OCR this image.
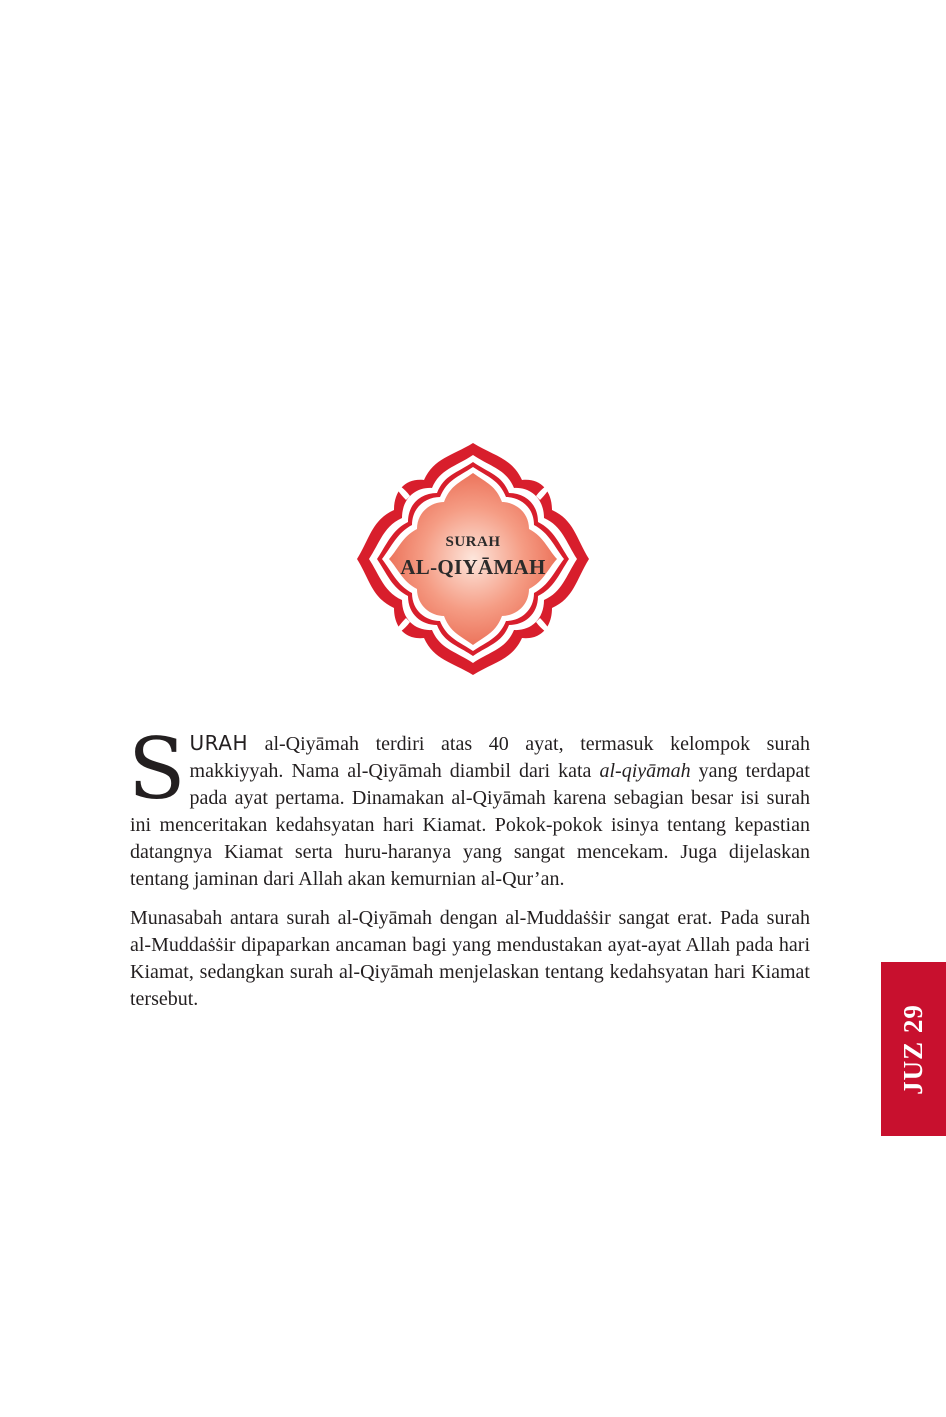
SURAH
AL-QIYĀMAH

SURAH al-Qiyāmah terdiri atas 40 ayat, termasuk kelompok surah makkiyyah. Nama al-Qiyāmah diambil dari kata al-qiyāmah yang terdapat pada ayat pertama. Dinamakan al-Qiyāmah karena sebagian besar isi surah ini menceritakan kedahsyatan hari Kiamat. Pokok-pokok isinya tentang kepastian datangnya Kiamat serta huru-haranya yang sangat mencekam. Juga dijelaskan tentang jaminan dari Allah akan kemurnian al-Qur’an.

Munasabah antara surah al-Qiyāmah dengan al-Muddaṡṡir sangat erat. Pada surah al-Muddaṡṡir dipaparkan ancaman bagi yang mendustakan ayat-ayat Allah pada hari Kiamat, sedangkan surah al-Qiyāmah menjelaskan tentang kedahsyatan hari Kiamat tersebut.

JUZ 29
